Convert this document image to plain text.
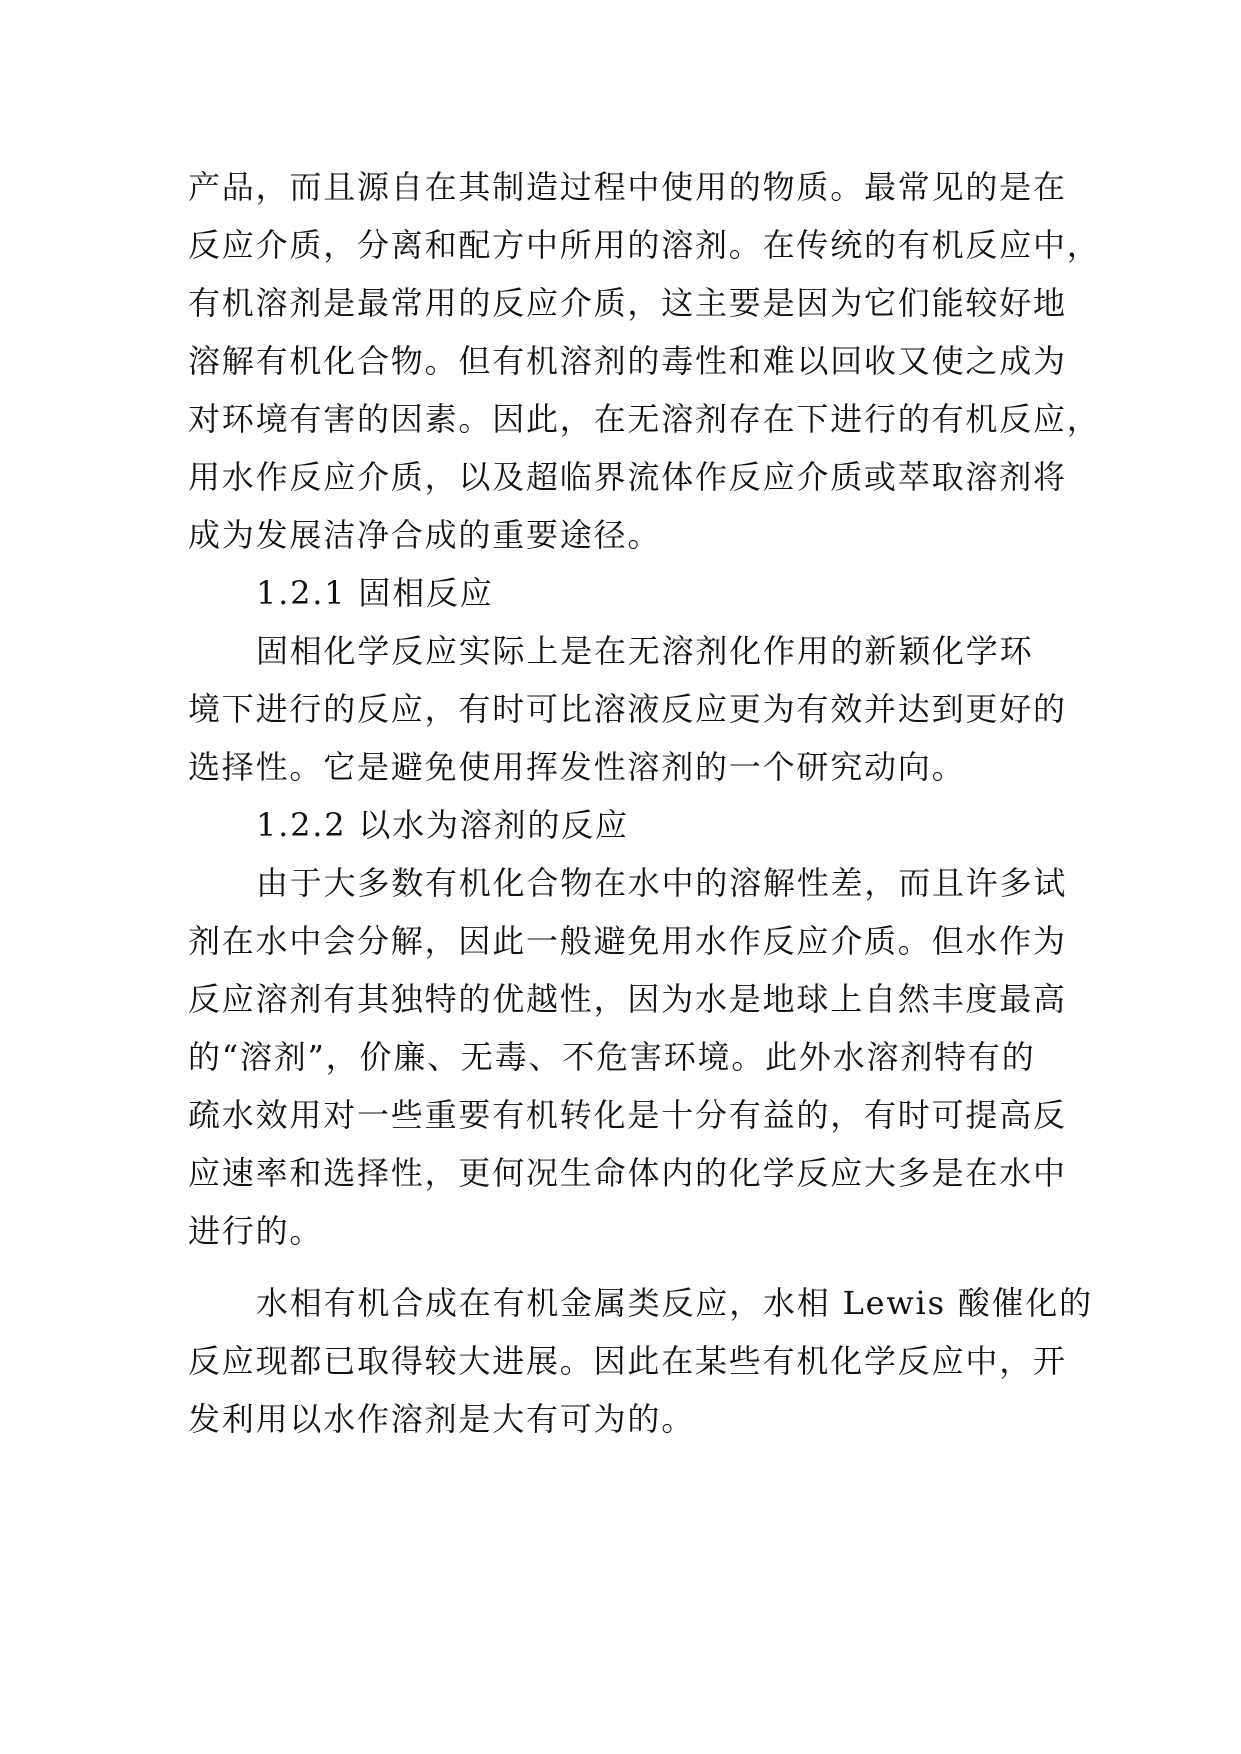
产品，而且源自在其制造过程中使用的物质。最常见的是在
反应介质，分离和配方中所用的溶剂。在传统的有机反应中，
有机溶剂是最常用的反应介质，这主要是因为它们能较好地
溶解有机化合物。但有机溶剂的毒性和难以回收又使之成为
对环境有害的因素。因此，在无溶剂存在下进行的有机反应，
用水作反应介质，以及超临界流体作反应介质或萃取溶剂将
成为发展洁净合成的重要途径。
1.2.1 固相反应
固相化学反应实际上是在无溶剂化作用的新颖化学环
境下进行的反应，有时可比溶液反应更为有效并达到更好的
选择性。它是避免使用挥发性溶剂的一个研究动向。
1.2.2 以水为溶剂的反应
由于大多数有机化合物在水中的溶解性差，而且许多试
剂在水中会分解，因此一般避免用水作反应介质。但水作为
反应溶剂有其独特的优越性，因为水是地球上自然丰度最高
的“溶剂”，价廉、无毒、不危害环境。此外水溶剂特有的
疏水效用对一些重要有机转化是十分有益的，有时可提高反
应速率和选择性，更何况生命体内的化学反应大多是在水中
进行的。
水相有机合成在有机金属类反应，水相 Lewis 酸催化的
反应现都已取得较大进展。因此在某些有机化学反应中，开
发利用以水作溶剂是大有可为的。
